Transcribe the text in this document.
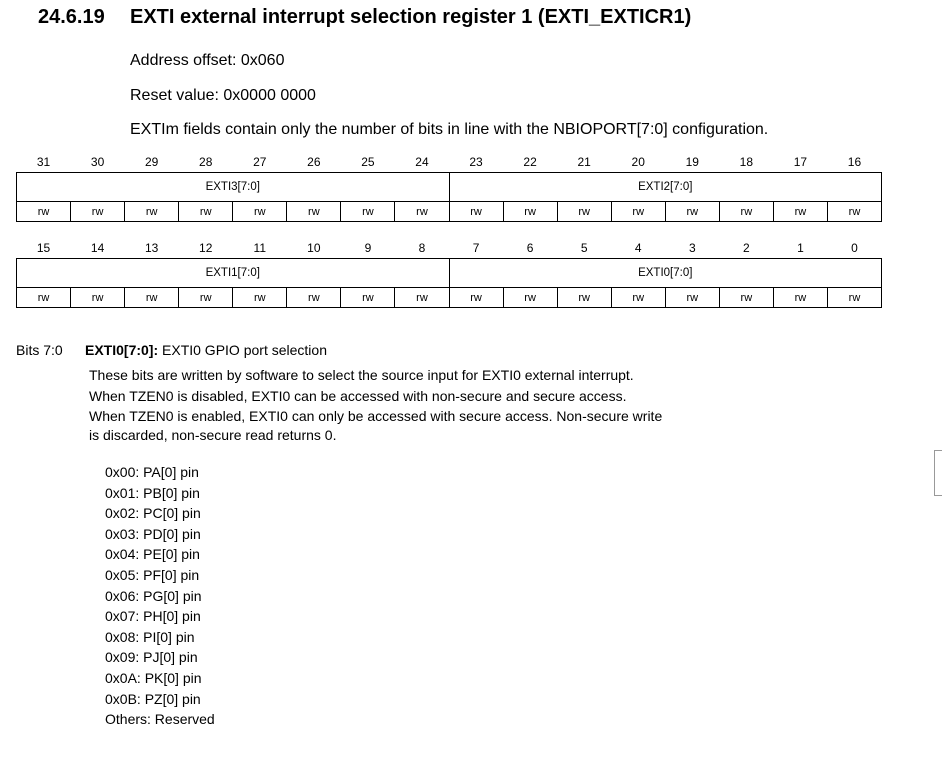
24.6.19 EXTI external interrupt selection register 1 (EXTI_EXTICR1)
Address offset: 0x060
Reset value: 0x0000 0000
EXTIm fields contain only the number of bits in line with the NBIOPORT[7:0] configuration.
31	30	29	28	27	26	25	24	23	22	21	20	19	18	17	16
EXTI3[7:0]								EXTI2[7:0]							
rw	rw	rw	rw	rw	rw	rw	rw	rw	rw	rw	rw	rw	rw	rw	rw
15	14	13	12	11	10	9	8	7	6	5	4	3	2	1	0
EXTI1[7:0]								EXTI0[7:0]							
rw	rw	rw	rw	rw	rw	rw	rw	rw	rw	rw	rw	rw	rw	rw	rw
Bits 7:0 EXTI0[7:0]: EXTI0 GPIO port selection
These bits are written by software to select the source input for EXTI0 external interrupt.
When TZEN0 is disabled, EXTI0 can be accessed with non-secure and secure access.
When TZEN0 is enabled, EXTI0 can only be accessed with secure access. Non-secure write
is discarded, non-secure read returns 0.
0x00: PA[0] pin
0x01: PB[0] pin
0x02: PC[0] pin
0x03: PD[0] pin
0x04: PE[0] pin
0x05: PF[0] pin
0x06: PG[0] pin
0x07: PH[0] pin
0x08: PI[0] pin
0x09: PJ[0] pin
0x0A: PK[0] pin
0x0B: PZ[0] pin
Others: Reserved
